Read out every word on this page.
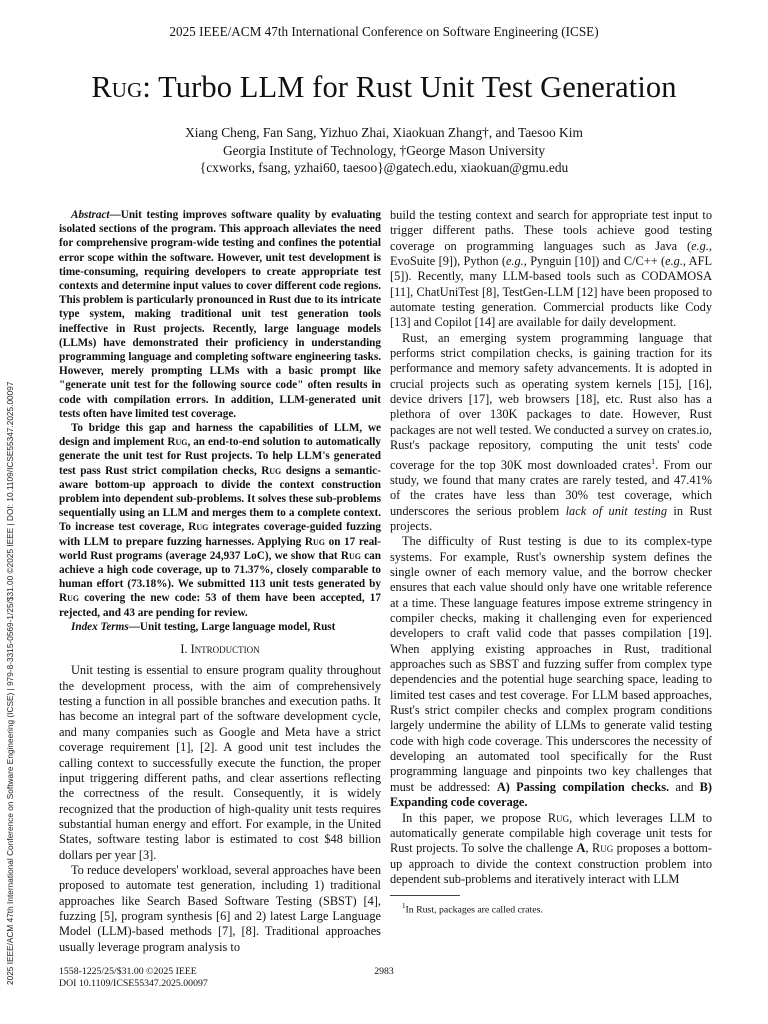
2025 IEEE/ACM 47th International Conference on Software Engineering (ICSE)
Rug: Turbo LLM for Rust Unit Test Generation
Xiang Cheng, Fan Sang, Yizhuo Zhai, Xiaokuan Zhang†, and Taesoo Kim
Georgia Institute of Technology, †George Mason University
{cxworks, fsang, yzhai60, taesoo}@gatech.edu, xiaokuan@gmu.edu
2025 IEEE/ACM 47th International Conference on Software Engineering (ICSE) | 979-8-3315-0569-1/25/$31.00 ©2025 IEEE | DOI: 10.1109/ICSE55347.2025.00097

Abstract—Unit testing improves software quality by evaluating isolated sections of the program. This approach alleviates the need for comprehensive program-wide testing and confines the potential error scope within the software. However, unit test development is time-consuming, requiring developers to create appropriate test contexts and determine input values to cover different code regions. This problem is particularly pronounced in Rust due to its intricate type system, making traditional unit test generation tools ineffective in Rust projects. Recently, large language models (LLMs) have demonstrated their proficiency in understanding programming language and completing software engineering tasks. However, merely prompting LLMs with a basic prompt like "generate unit test for the following source code" often results in code with compilation errors. In addition, LLM-generated unit tests often have limited test coverage.

To bridge this gap and harness the capabilities of LLM, we design and implement Rug, an end-to-end solution to automatically generate the unit test for Rust projects. To help LLM's generated test pass Rust strict compilation checks, Rug designs a semantic-aware bottom-up approach to divide the context construction problem into dependent sub-problems. It solves these sub-problems sequentially using an LLM and merges them to a complete context. To increase test coverage, Rug integrates coverage-guided fuzzing with LLM to prepare fuzzing harnesses. Applying Rug on 17 real-world Rust programs (average 24,937 LoC), we show that Rug can achieve a high code coverage, up to 71.37%, closely comparable to human effort (73.18%). We submitted 113 unit tests generated by Rug covering the new code: 53 of them have been accepted, 17 rejected, and 43 are pending for review.

Index Terms—Unit testing, Large language model, Rust
I. Introduction

Unit testing is essential to ensure program quality throughout the development process, with the aim of comprehensively testing a function in all possible branches and execution paths. It has become an integral part of the software development cycle, and many companies such as Google and Meta have a strict coverage requirement [1], [2]. A good unit test includes the calling context to successfully execute the function, the proper input triggering different paths, and clear assertions reflecting the correctness of the result. Consequently, it is widely recognized that the production of high-quality unit tests requires substantial human energy and effort. For example, in the United States, software testing labor is estimated to cost $48 billion dollars per year [3].

To reduce developers' workload, several approaches have been proposed to automate test generation, including 1) traditional approaches like Search Based Software Testing (SBST) [4], fuzzing [5], program synthesis [6] and 2) latest Large Language Model (LLM)-based methods [7], [8]. Traditional approaches usually leverage program analysis to

build the testing context and search for appropriate test input to trigger different paths. These tools achieve good testing coverage on programming languages such as Java (e.g., EvoSuite [9]), Python (e.g., Pynguin [10]) and C/C++ (e.g., AFL [5]). Recently, many LLM-based tools such as CODAMOSA [11], ChatUniTest [8], TestGen-LLM [12] have been proposed to automate testing generation. Commercial products like Cody [13] and Copilot [14] are available for daily development.

Rust, an emerging system programming language that performs strict compilation checks, is gaining traction for its performance and memory safety advancements. It is adopted in crucial projects such as operating system kernels [15], [16], device drivers [17], web browsers [18], etc. Rust also has a plethora of over 130K packages to date. However, Rust packages are not well tested. We conducted a survey on crates.io, Rust's package repository, computing the unit tests' code coverage for the top 30K most downloaded crates$^1$. From our study, we found that many crates are rarely tested, and 47.41% of the crates have less than 30% test coverage, which underscores the serious problem lack of unit testing in Rust projects.

The difficulty of Rust testing is due to its complex-type systems. For example, Rust's ownership system defines the single owner of each memory value, and the borrow checker ensures that each value should only have one writable reference at a time. These language features impose extreme stringency in compiler checks, making it challenging even for experienced developers to craft valid code that passes compilation [19]. When applying existing approaches in Rust, traditional approaches such as SBST and fuzzing suffer from complex type dependencies and the potential huge searching space, leading to limited test cases and test coverage. For LLM based approaches, Rust's strict compiler checks and complex program conditions largely undermine the ability of LLMs to generate valid testing code with high code coverage. This underscores the necessity of developing an automated tool specifically for the Rust programming language and pinpoints two key challenges that must be addressed: A) Passing compilation checks. and B) Expanding code coverage.

In this paper, we propose Rug, which leverages LLM to automatically generate compilable high coverage unit tests for Rust projects. To solve the challenge A, Rug proposes a bottom-up approach to divide the context construction problem into dependent sub-problems and iteratively interact with LLM

$^1$In Rust, packages are called crates.
1558-1225/25/$31.00 ©2025 IEEE
DOI 10.1109/ICSE55347.2025.00097
2983
